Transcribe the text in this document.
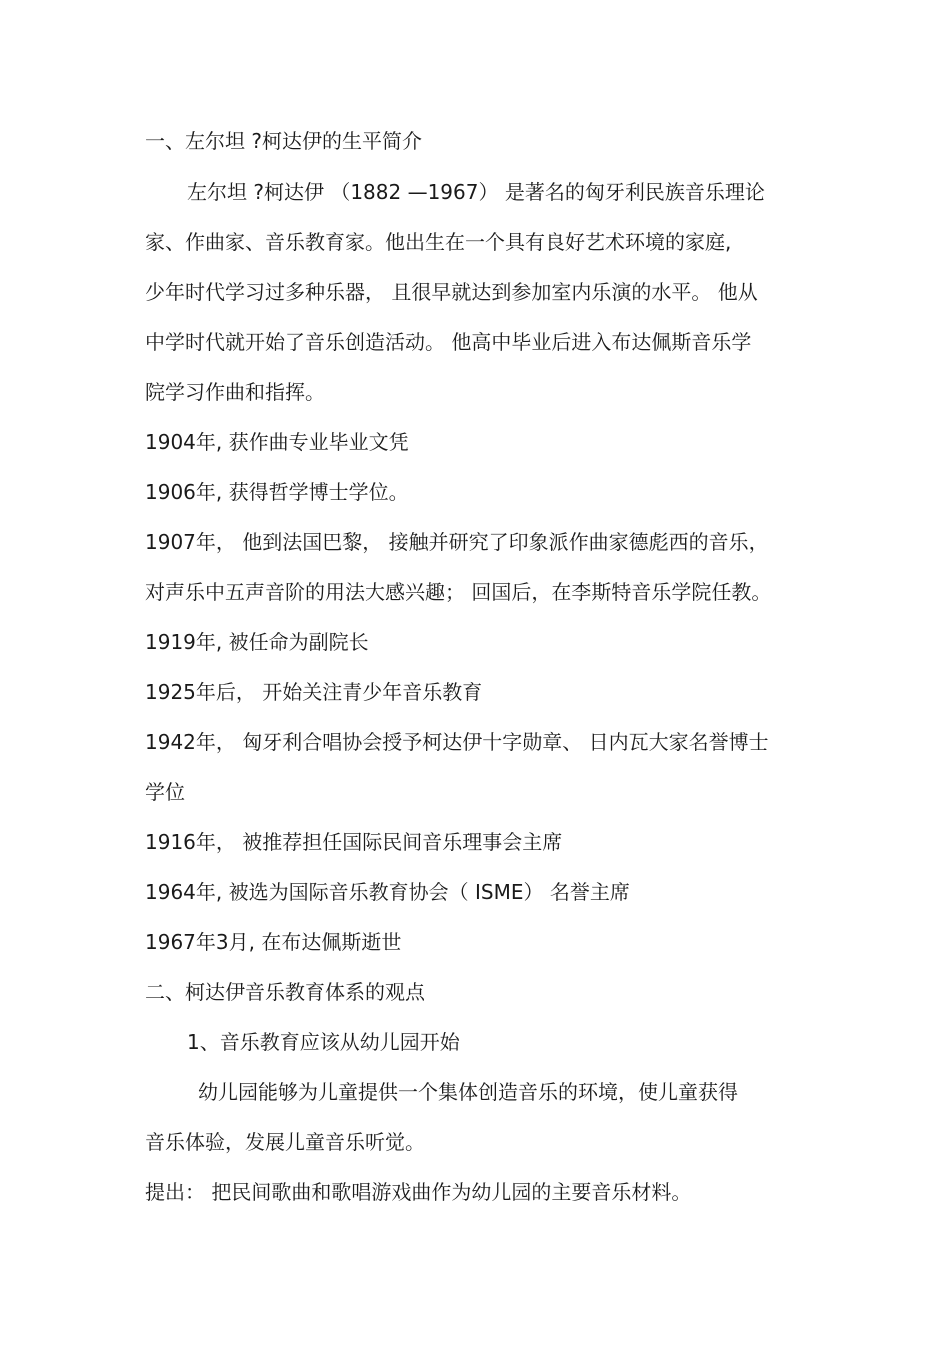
一、左尔坦 ?柯达伊的生平简介
左尔坦 ?柯达伊 （1882 —1967） 是著名的匈牙利民族音乐理论
家、作曲家、音乐教育家。他出生在一个具有良好艺术环境的家庭,
少年时代学习过多种乐器， 且很早就达到参加室内乐演的水平。 他从
中学时代就开始了音乐创造活动。 他高中毕业后进入布达佩斯音乐学
院学习作曲和指挥。
1904年, 获作曲专业毕业文凭
1906年, 获得哲学博士学位。
1907年， 他到法国巴黎， 接触并研究了印象派作曲家德彪西的音乐，
对声乐中五声音阶的用法大感兴趣； 回国后，在李斯特音乐学院任教。
1919年, 被任命为副院长
1925年后， 开始关注青少年音乐教育
1942年， 匈牙利合唱协会授予柯达伊十字勋章、 日内瓦大家名誉博士
学位
1916年， 被推荐担任国际民间音乐理事会主席
1964年, 被选为国际音乐教育协会（ ISME） 名誉主席
1967年3月, 在布达佩斯逝世
二、柯达伊音乐教育体系的观点
1、音乐教育应该从幼儿园开始
幼儿园能够为儿童提供一个集体创造音乐的环境，使儿童获得
音乐体验，发展儿童音乐听觉。
提出： 把民间歌曲和歌唱游戏曲作为幼儿园的主要音乐材料。
